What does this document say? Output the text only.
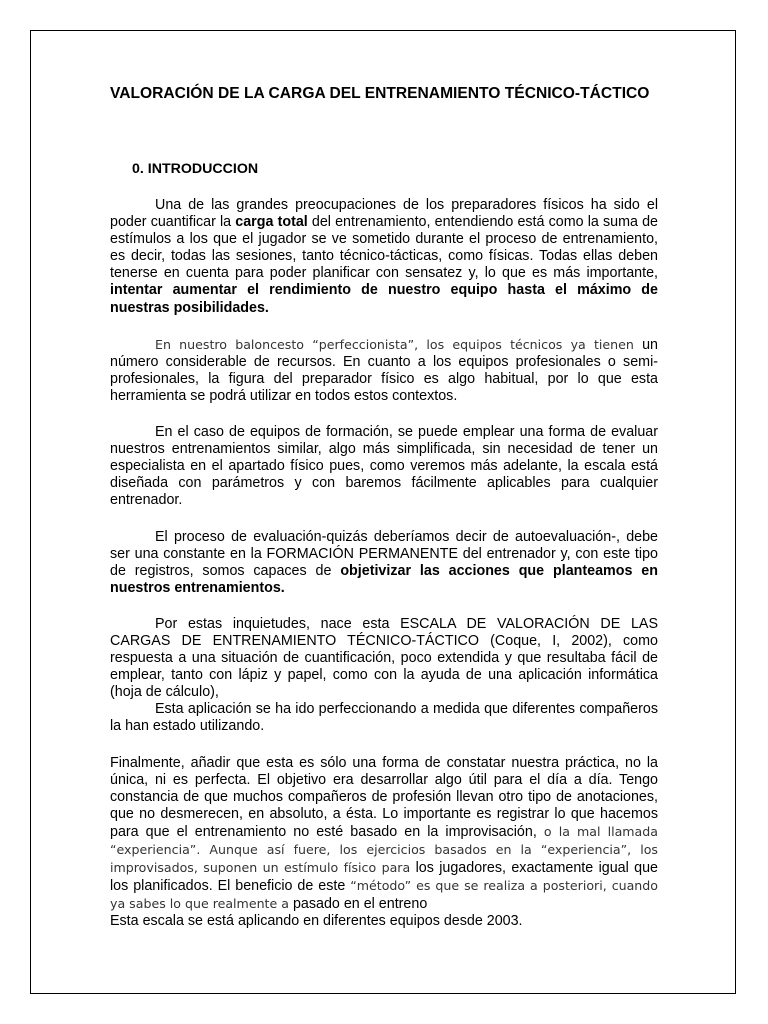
VALORACIÓN DE LA CARGA DEL ENTRENAMIENTO TÉCNICO-TÁCTICO
0. INTRODUCCION

Una de las grandes preocupaciones de los preparadores físicos ha sido el poder cuantificar la carga total del entrenamiento, entendiendo está como la suma de estímulos a los que el jugador se ve sometido durante el proceso de entrenamiento, es decir, todas las sesiones, tanto técnico-tácticas, como físicas. Todas ellas deben tenerse en cuenta para poder planificar con sensatez y, lo que es más importante, intentar aumentar el rendimiento de nuestro equipo hasta el máximo de nuestras posibilidades.

En nuestro baloncesto “perfeccionista”, los equipos técnicos ya tienen un número considerable de recursos. En cuanto a los equipos profesionales o semi-profesionales, la figura del preparador físico es algo habitual, por lo que esta herramienta se podrá utilizar en todos estos contextos.

En el caso de equipos de formación, se puede emplear una forma de evaluar nuestros entrenamientos similar, algo más simplificada, sin necesidad de tener un especialista en el apartado físico pues, como veremos más adelante, la escala está diseñada con parámetros y con baremos fácilmente aplicables para cualquier entrenador.

El proceso de evaluación-quizás deberíamos decir de autoevaluación-, debe ser una constante en la FORMACIÓN PERMANENTE del entrenador y, con este tipo de registros, somos capaces de objetivizar las acciones que planteamos en nuestros entrenamientos.

Por estas inquietudes, nace esta ESCALA DE VALORACIÓN DE LAS CARGAS DE ENTRENAMIENTO TÉCNICO-TÁCTICO (Coque, I, 2002), como respuesta a una situación de cuantificación, poco extendida y que resultaba fácil de emplear, tanto con lápiz y papel, como con la ayuda de una aplicación informática (hoja de cálculo),

Esta aplicación se ha ido perfeccionando a medida que diferentes compañeros la han estado utilizando.

Finalmente, añadir que esta es sólo una forma de constatar nuestra práctica, no la única, ni es perfecta. El objetivo era desarrollar algo útil para el día a día. Tengo constancia de que muchos compañeros de profesión llevan otro tipo de anotaciones, que no desmerecen, en absoluto, a ésta. Lo importante es registrar lo que hacemos para que el entrenamiento no esté basado en la improvisación, o la mal llamada “experiencia”. Aunque así fuere, los ejercicios basados en la “experiencia”, los improvisados, suponen un estímulo físico para los jugadores, exactamente igual que los planificados. El beneficio de este “método” es que se realiza a posteriori, cuando ya sabes lo que realmente a pasado en el entreno

Esta escala se está aplicando en diferentes equipos desde 2003.
